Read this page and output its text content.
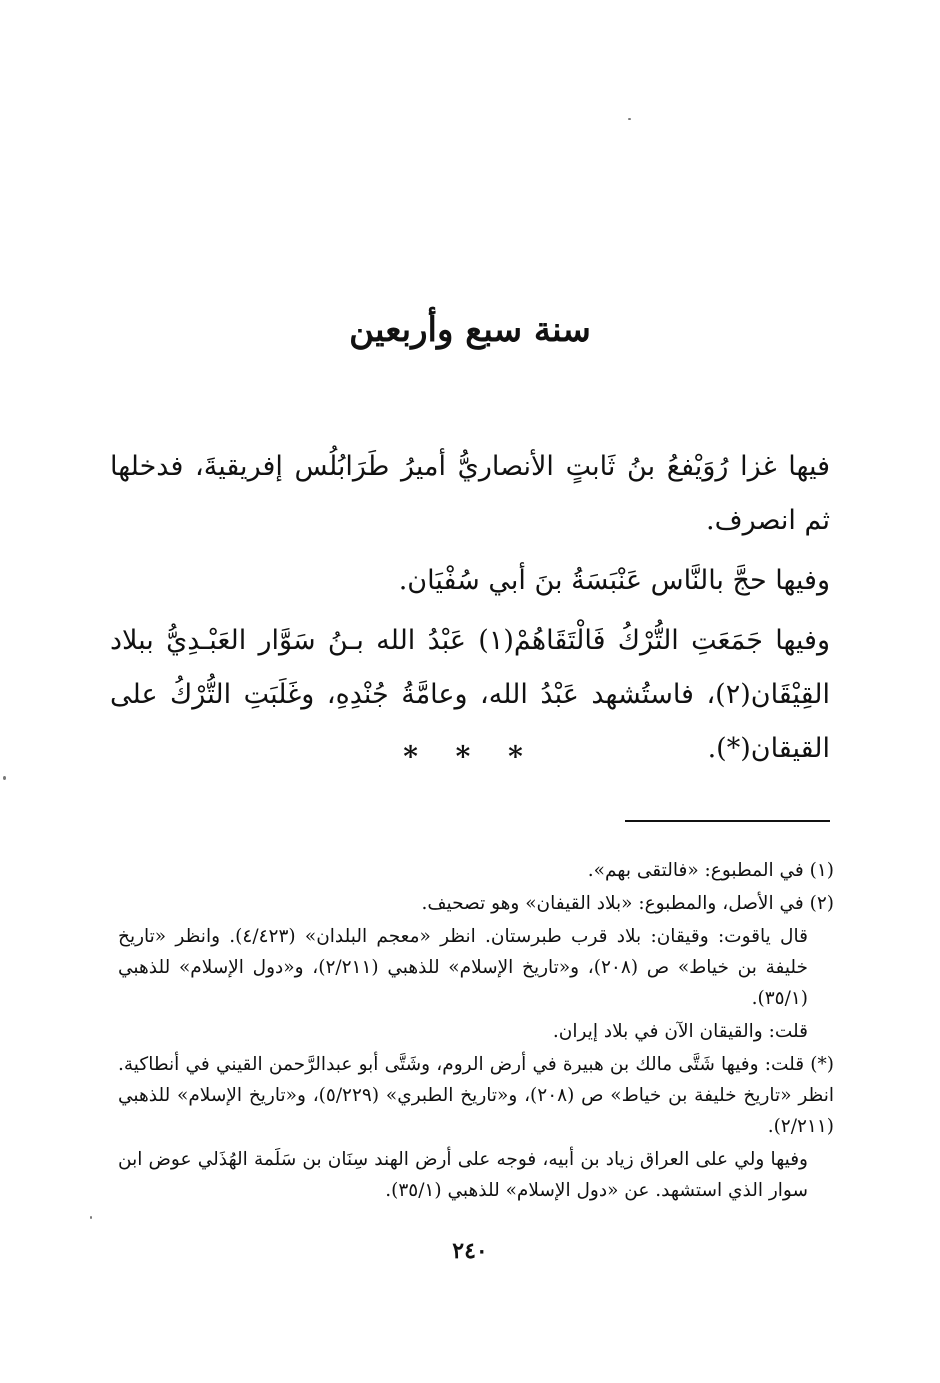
سنة سبع وأربعين

فيها غزا رُوَيْفعُ بنُ ثَابتٍ الأنصاريُّ أميرُ طَرَابُلُس إفريقيةَ، فدخلها ثم انصرف.

وفيها حجَّ بالنَّاس عَنْبَسَةُ بنَ أبي سُفْيَان.

وفيها جَمَعَتِ التُّرْكُ فَالْتَقَاهُمْ(١) عَبْدُ الله بـنُ سَوَّار العَبْـدِيُّ ببلاد القِيْقَان(٢)، فاستُشهد عَبْدُ الله، وعامَّةُ جُنْدِهِ، وغَلَبَتِ التُّرْكُ على القيقان(*).

* * *

(١) في المطبوع: «فالتقى بهم».

(٢) في الأصل، والمطبوع: «بلاد القيفان» وهو تصحيف.

قال ياقوت: وقيقان: بلاد قرب طبرستان. انظر «معجم البلدان» (٤/٤٢٣). وانظر «تاريخ خليفة بن خياط» ص (٢٠٨)، و«تاريخ الإسلام» للذهبي (٢/٢١١)، و«دول الإسلام» للذهبي (٣٥/١).

قلت: والقيقان الآن في بلاد إيران.

(*) قلت: وفيها شَتَّى مالك بن هبيرة في أرض الروم، وشَتَّى أبو عبدالرَّحمن القيني في أنطاكية. انظر «تاريخ خليفة بن خياط» ص (٢٠٨)، و«تاريخ الطبري» (٥/٢٢٩)، و«تاريخ الإسلام» للذهبي (٢/٢١١).

وفيها ولي على العراق زياد بن أبيه، فوجه على أرض الهند سِنَان بن سَلَمة الهُذَلي عوض ابن سوار الذي استشهد. عن «دول الإسلام» للذهبي (٣٥/١).

٢٤٠
